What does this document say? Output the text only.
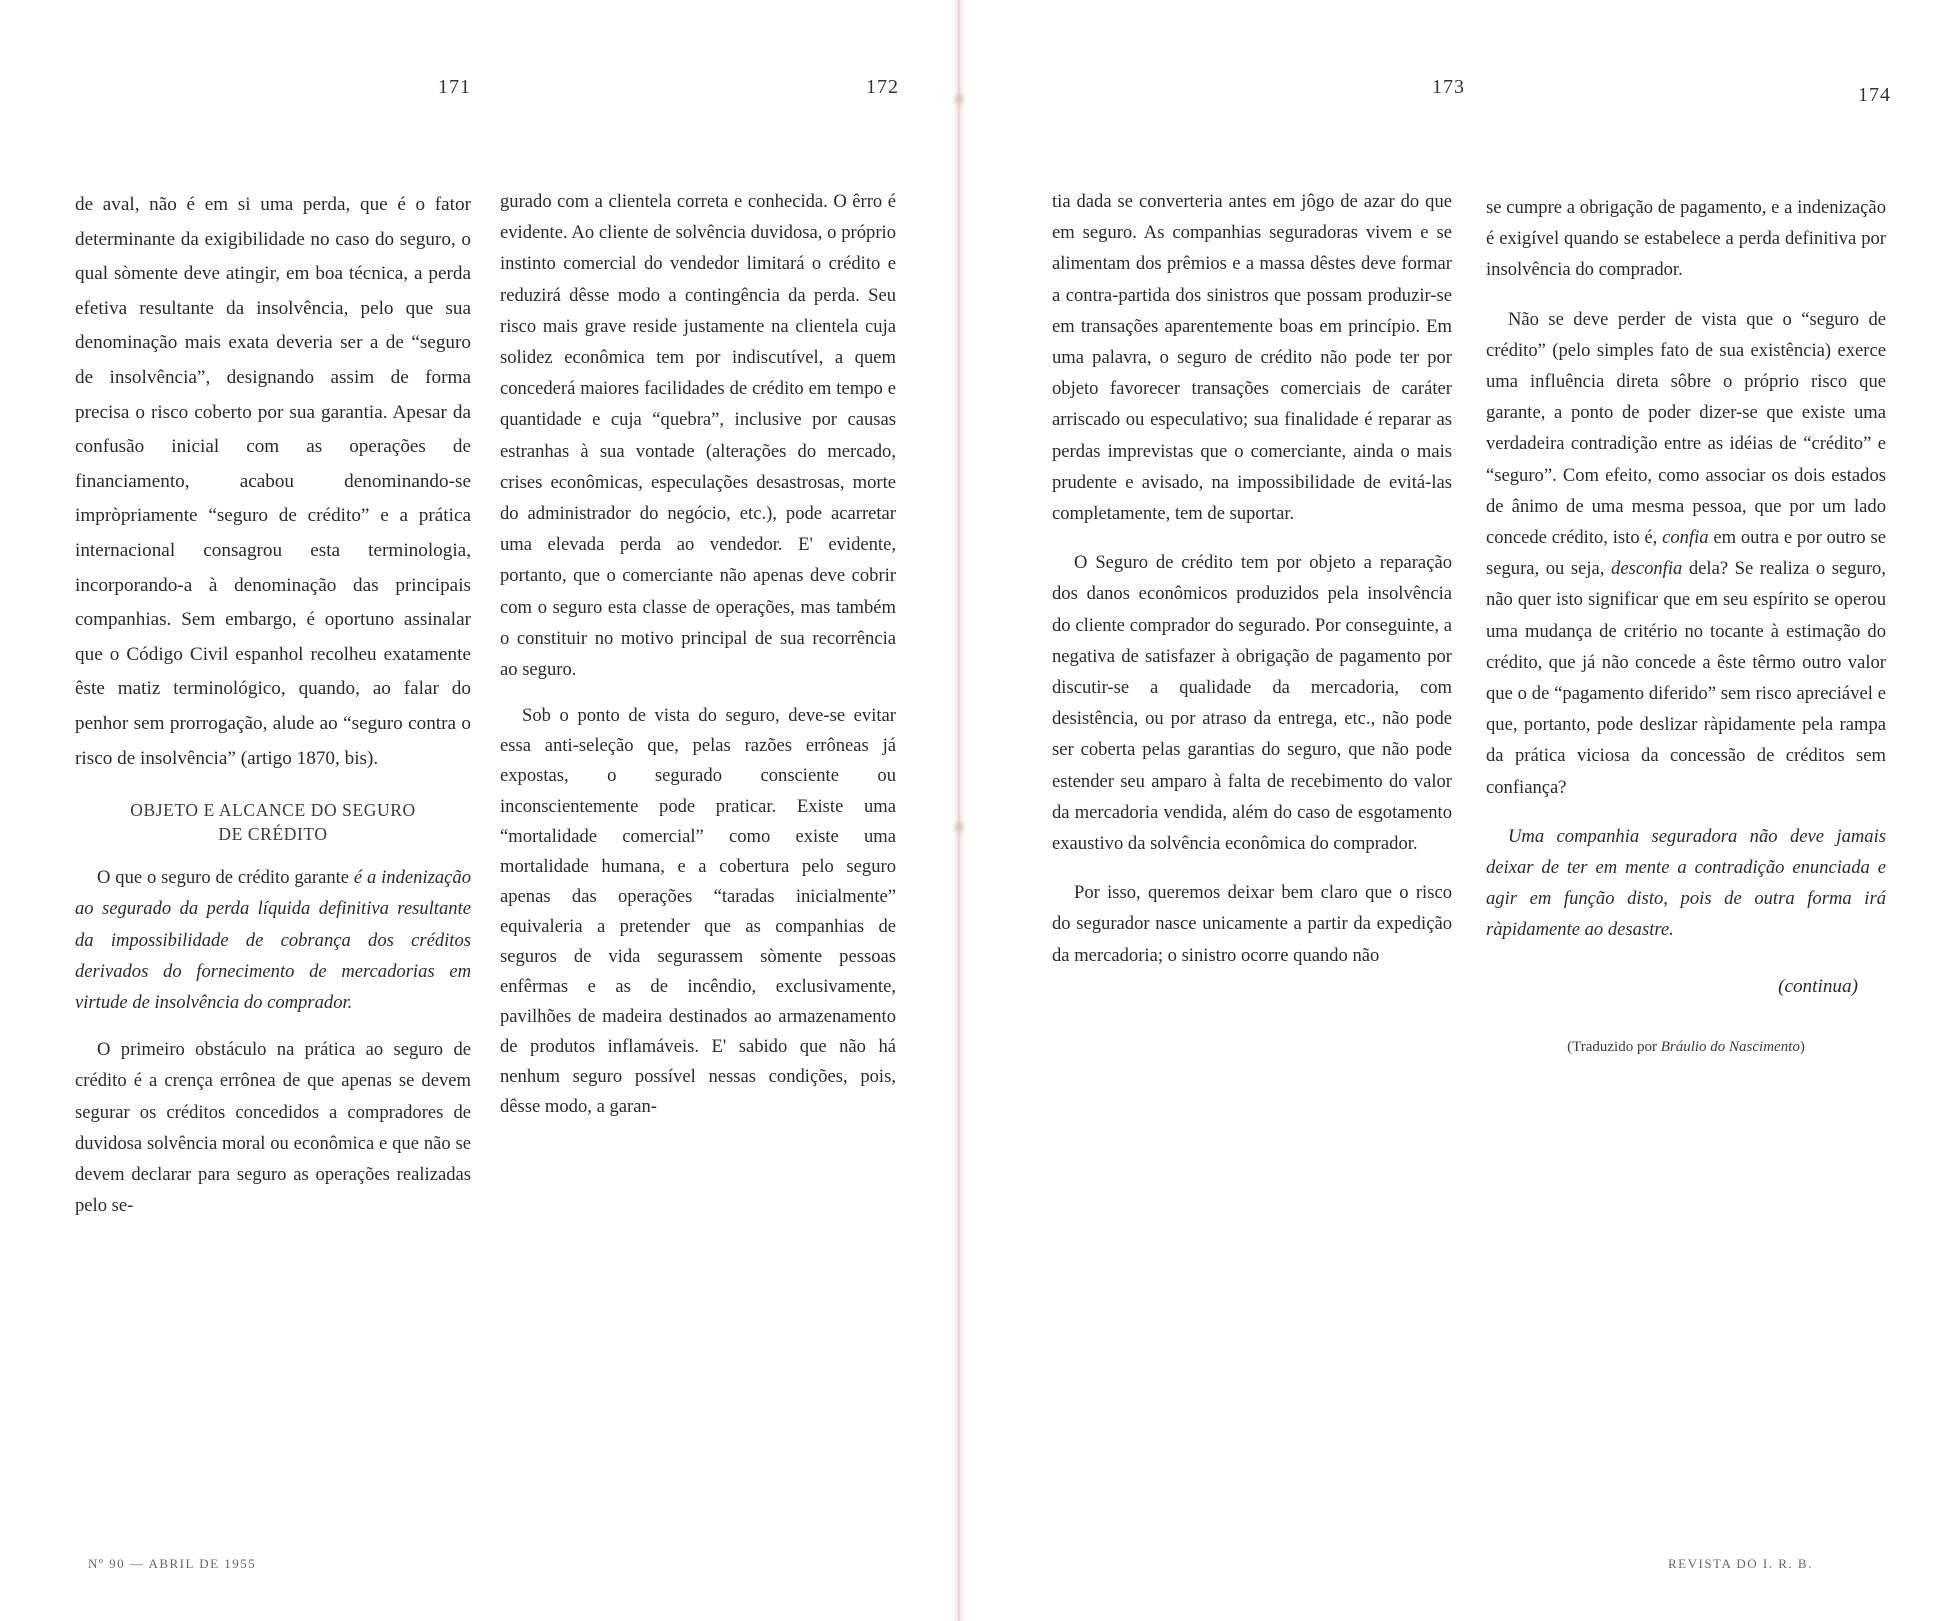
171	172	173	174

de aval, não é em si uma perda, que é o fator determinante da exigibilidade no caso do seguro, o qual sòmente deve atingir, em boa técnica, a perda efetiva resultante da insolvência, pelo que sua denominação mais exata deveria ser a de “seguro de insolvência”, designando assim de forma precisa o risco coberto por sua garantia. Apesar da confusão inicial com as operações de financiamento, acabou denominando-se impròpriamente “seguro de crédito” e a prática internacional consagrou esta terminologia, incorporando-a à denominação das principais companhias. Sem embargo, é oportuno assinalar que o Código Civil espanhol recolheu exatamente êste matiz terminológico, quando, ao falar do penhor sem prorrogação, alude ao “seguro contra o risco de insolvência” (artigo 1870, bis).

OBJETO E ALCANCE DO SEGURO
DE CRÉDITO

O que o seguro de crédito garante é a indenização ao segurado da perda líquida definitiva resultante da impossibilidade de cobrança dos créditos derivados do fornecimento de mercadorias em virtude de insolvência do comprador.

O primeiro obstáculo na prática ao seguro de crédito é a crença errônea de que apenas se devem segurar os créditos concedidos a compradores de duvidosa solvência moral ou econômica e que não se devem declarar para seguro as operações realizadas pelo se-

gurado com a clientela correta e conhecida. O êrro é evidente. Ao cliente de solvência duvidosa, o próprio instinto comercial do vendedor limitará o crédito e reduzirá dêsse modo a contingência da perda. Seu risco mais grave reside justamente na clientela cuja solidez econômica tem por indiscutível, a quem concederá maiores facilidades de crédito em tempo e quantidade e cuja “quebra”, inclusive por causas estranhas à sua vontade (alterações do mercado, crises econômicas, especulações desastrosas, morte do administrador do negócio, etc.), pode acarretar uma elevada perda ao vendedor. E' evidente, portanto, que o comerciante não apenas deve cobrir com o seguro esta classe de operações, mas também o constituir no motivo principal de sua recorrência ao seguro.

Sob o ponto de vista do seguro, deve-se evitar essa anti-seleção que, pelas razões errôneas já expostas, o segurado consciente ou inconscientemente pode praticar. Existe uma “mortalidade comercial” como existe uma mortalidade humana, e a cobertura pelo seguro apenas das operações “taradas inicialmente” equivaleria a pretender que as companhias de seguros de vida segurassem sòmente pessoas enfêrmas e as de incêndio, exclusivamente, pavilhões de madeira destinados ao armazenamento de produtos inflamáveis. E' sabido que não há nenhum seguro possível nessas condições, pois, dêsse modo, a garan-

tia dada se converteria antes em jôgo de azar do que em seguro. As companhias seguradoras vivem e se alimentam dos prêmios e a massa dêstes deve formar a contra-partida dos sinistros que possam produzir-se em transações aparentemente boas em princípio. Em uma palavra, o seguro de crédito não pode ter por objeto favorecer transações comerciais de caráter arriscado ou especulativo; sua finalidade é reparar as perdas imprevistas que o comerciante, ainda o mais prudente e avisado, na impossibilidade de evitá-las completamente, tem de suportar.

O Seguro de crédito tem por objeto a reparação dos danos econômicos produzidos pela insolvência do cliente comprador do segurado. Por conseguinte, a negativa de satisfazer à obrigação de pagamento por discutir-se a qualidade da mercadoria, com desistência, ou por atraso da entrega, etc., não pode ser coberta pelas garantias do seguro, que não pode estender seu amparo à falta de recebimento do valor da mercadoria vendida, além do caso de esgotamento exaustivo da solvência econômica do comprador.

Por isso, queremos deixar bem claro que o risco do segurador nasce unicamente a partir da expedição da mercadoria; o sinistro ocorre quando não

se cumpre a obrigação de pagamento, e a indenização é exigível quando se estabelece a perda definitiva por insolvência do comprador.

Não se deve perder de vista que o “seguro de crédito” (pelo simples fato de sua existência) exerce uma influência direta sôbre o próprio risco que garante, a ponto de poder dizer-se que existe uma verdadeira contradição entre as idéias de “crédito” e “seguro”. Com efeito, como associar os dois estados de ânimo de uma mesma pessoa, que por um lado concede crédito, isto é, confia em outra e por outro se segura, ou seja, desconfia dela? Se realiza o seguro, não quer isto significar que em seu espírito se operou uma mudança de critério no tocante à estimação do crédito, que já não concede a êste têrmo outro valor que o de “pagamento diferido” sem risco apreciável e que, portanto, pode deslizar ràpidamente pela rampa da prática viciosa da concessão de créditos sem confiança?

Uma companhia seguradora não deve jamais deixar de ter em mente a contradição enunciada e agir em função disto, pois de outra forma irá ràpidamente ao desastre.

(continua)
(Traduzido por Bráulio do Nascimento)
Nº 90 — ABRIL DE 1955	REVISTA DO I. R. B.
